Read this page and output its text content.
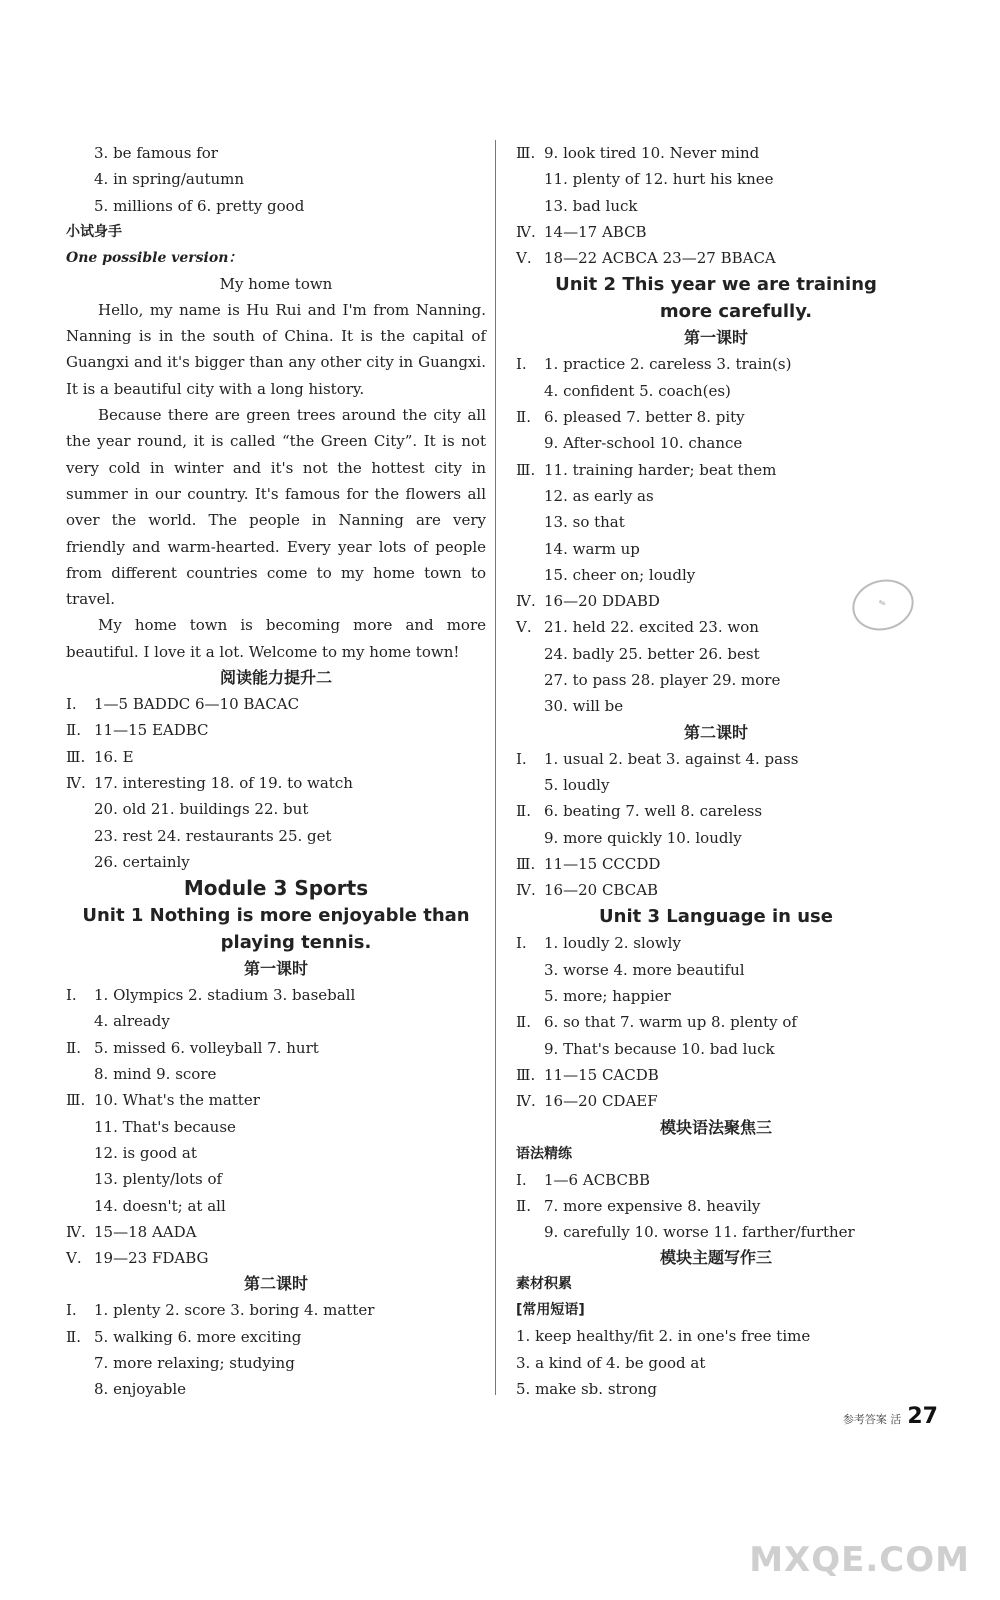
3. be famous for
4. in spring/autumn
5. millions of 6. pretty good
小试身手
One possible version：
My home town
Hello, my name is Hu Rui and I'm from Nanning. Nanning is in the south of China. It is the capital of Guangxi and it's bigger than any other city in Guangxi. It is a beautiful city with a long history.
Because there are green trees around the city all the year round, it is called “the Green City”. It is not very cold in winter and it's not the hottest city in summer in our country. It's famous for the flowers all over the world. The people in Nanning are very friendly and warm-hearted. Every year lots of people from different countries come to my home town to travel.
My home town is becoming more and more beautiful. I love it a lot. Welcome to my home town!
阅读能力提升二
Ⅰ. 1—5 BADDC 6—10 BACAC
Ⅱ. 11—15 EADBC
Ⅲ. 16. E
Ⅳ. 17. interesting 18. of 19. to watch
20. old 21. buildings 22. but
23. rest 24. restaurants 25. get
26. certainly
Module 3 Sports
Unit 1 Nothing is more enjoyable than
playing tennis.
第一课时
Ⅰ. 1. Olympics 2. stadium 3. baseball
4. already
Ⅱ. 5. missed 6. volleyball 7. hurt
8. mind 9. score
Ⅲ. 10. What's the matter
11. That's because
12. is good at
13. plenty/lots of
14. doesn't; at all
Ⅳ. 15—18 AADA
Ⅴ. 19—23 FDABG
第二课时
Ⅰ. 1. plenty 2. score 3. boring 4. matter
Ⅱ. 5. walking 6. more exciting
7. more relaxing; studying
8. enjoyable
Ⅲ. 9. look tired 10. Never mind
11. plenty of 12. hurt his knee
13. bad luck
Ⅳ. 14—17 ABCB
Ⅴ. 18—22 ACBCA 23—27 BBACA
Unit 2 This year we are training
more carefully.
第一课时
Ⅰ. 1. practice 2. careless 3. train(s)
4. confident 5. coach(es)
Ⅱ. 6. pleased 7. better 8. pity
9. After-school 10. chance
Ⅲ. 11. training harder; beat them
12. as early as
13. so that
14. warm up
15. cheer on; loudly
Ⅳ. 16—20 DDABD
Ⅴ. 21. held 22. excited 23. won
24. badly 25. better 26. best
27. to pass 28. player 29. more
30. will be
第二课时
Ⅰ. 1. usual 2. beat 3. against 4. pass
5. loudly
Ⅱ. 6. beating 7. well 8. careless
9. more quickly 10. loudly
Ⅲ. 11—15 CCCDD
Ⅳ. 16—20 CBCAB
Unit 3 Language in use
Ⅰ. 1. loudly 2. slowly
3. worse 4. more beautiful
5. more; happier
Ⅱ. 6. so that 7. warm up 8. plenty of
9. That's because 10. bad luck
Ⅲ. 11—15 CACDB
Ⅳ. 16—20 CDAEF
模块语法聚焦三
语法精练
Ⅰ. 1—6 ACBCBB
Ⅱ. 7. more expensive 8. heavily
9. carefully 10. worse 11. farther/further
模块主题写作三
素材积累
[常用短语]
1. keep healthy/fit 2. in one's free time
3. a kind of 4. be good at
5. make sb. strong
✎
参考答案 活 27
MXQE.COM
